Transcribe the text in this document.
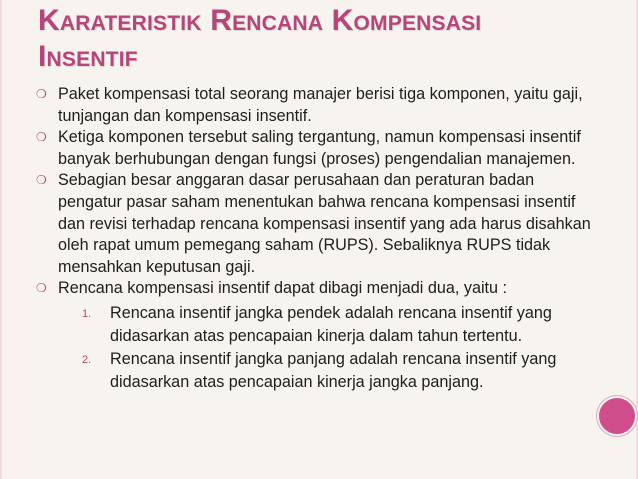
Karateristik Rencana Kompensasi
Insentif
❍ Paket kompensasi total seorang manajer berisi tiga komponen, yaitu gaji, tunjangan dan kompensasi insentif.
❍ Ketiga komponen tersebut saling tergantung, namun kompensasi insentif banyak berhubungan dengan fungsi (proses) pengendalian manajemen.
❍ Sebagian besar anggaran dasar perusahaan dan peraturan badan pengatur pasar saham menentukan bahwa rencana kompensasi insentif dan revisi terhadap rencana kompensasi insentif yang ada harus disahkan oleh rapat umum pemegang saham (RUPS). Sebaliknya RUPS tidak mensahkan keputusan gaji.
❍ Rencana kompensasi insentif dapat dibagi menjadi dua, yaitu :
1. Rencana insentif jangka pendek adalah rencana insentif yang didasarkan atas pencapaian kinerja dalam tahun tertentu.
2. Rencana insentif jangka panjang adalah rencana insentif yang didasarkan atas pencapaian kinerja jangka panjang.
